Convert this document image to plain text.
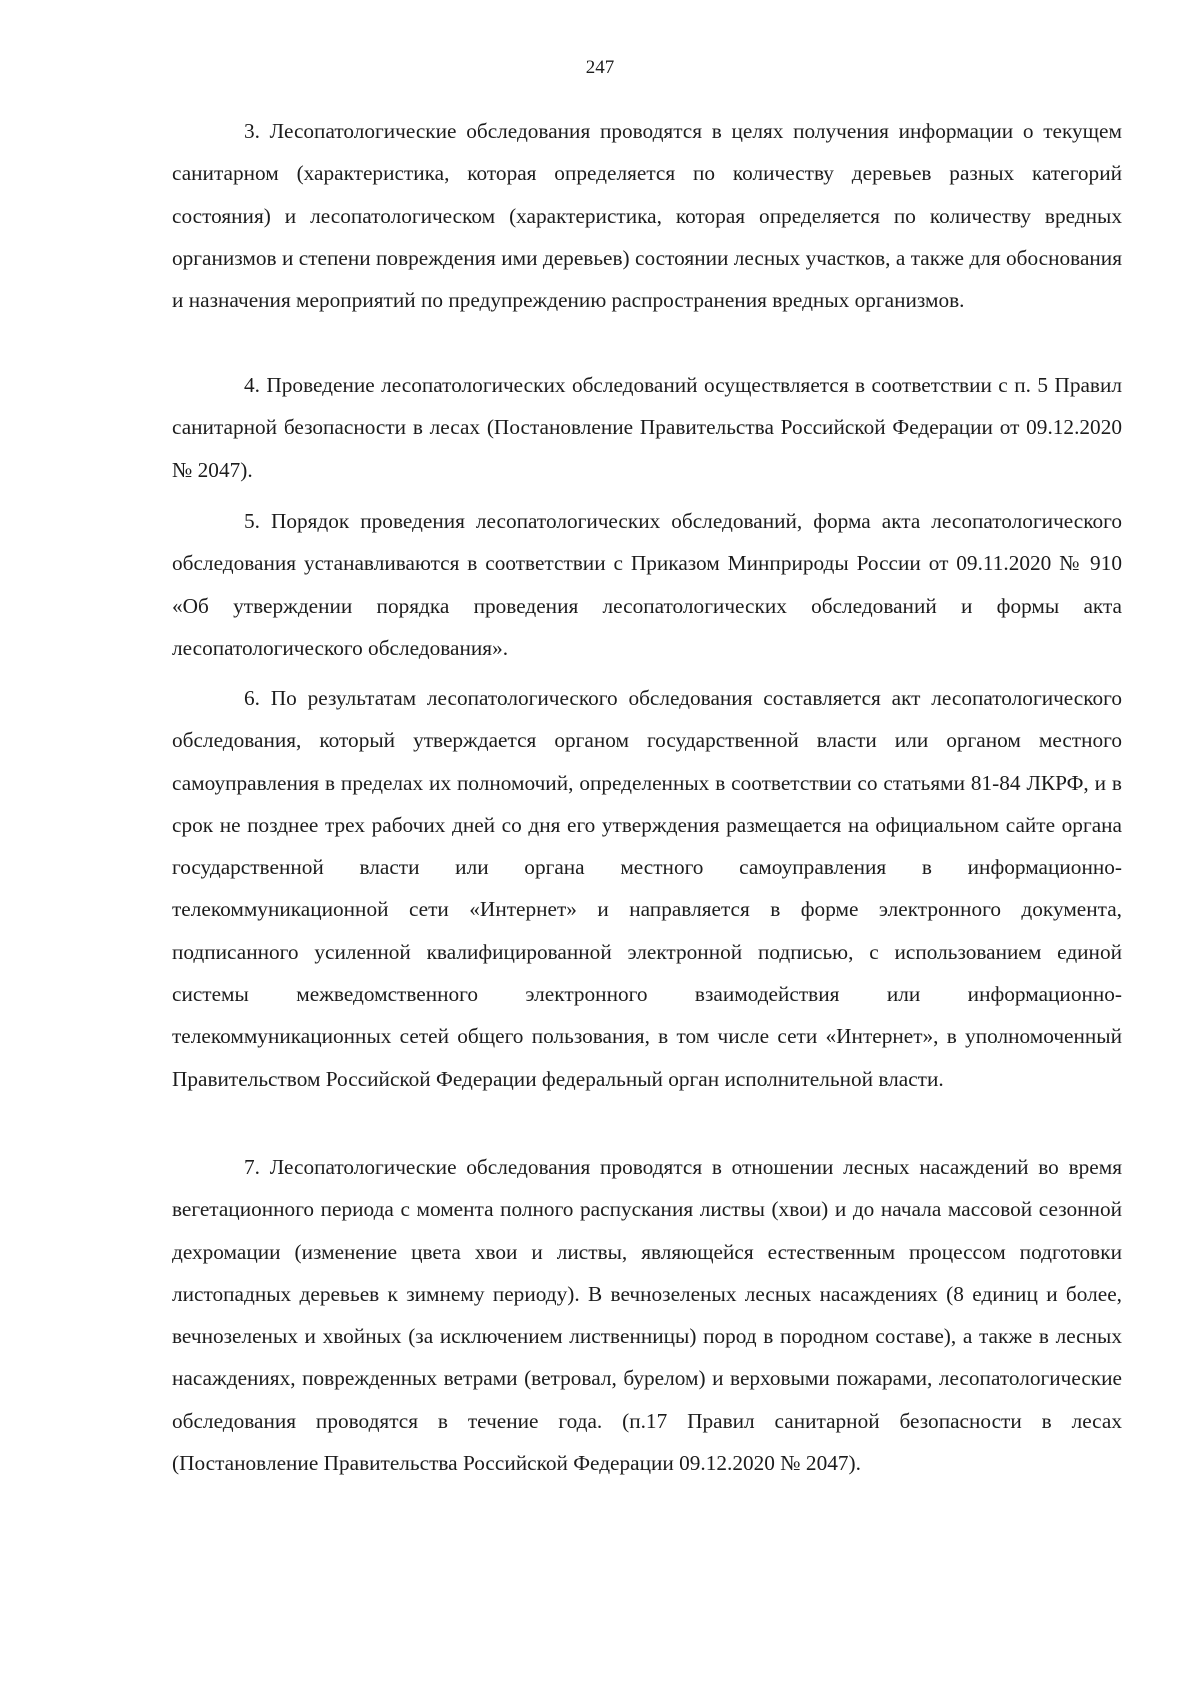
247

3. Лесопатологические обследования проводятся в целях получения информации о текущем санитарном (характеристика, которая определяется по количеству деревьев разных категорий состояния) и лесопатологическом (характеристика, которая определяется по количеству вредных организмов и степени повреждения ими деревьев) состоянии лесных участков, а также для обоснования и назначения мероприятий по предупреждению распространения вредных организмов.

4. Проведение лесопатологических обследований осуществляется в соответствии с п. 5 Правил санитарной безопасности в лесах (Постановление Правительства Российской Федерации от 09.12.2020 № 2047).

5. Порядок проведения лесопатологических обследований, форма акта лесопатологического обследования устанавливаются в соответствии с Приказом Минприроды России от 09.11.2020 № 910 «Об утверждении порядка проведения лесопатологических обследований и формы акта лесопатологического обследования».

6. По результатам лесопатологического обследования составляется акт лесопатологического обследования, который утверждается органом государственной власти или органом местного самоуправления в пределах их полномочий, определенных в соответствии со статьями 81-84 ЛКРФ, и в срок не позднее трех рабочих дней со дня его утверждения размещается на официальном сайте органа государственной власти или органа местного самоуправления в информационно-телекоммуникационной сети «Интернет» и направляется в форме электронного документа, подписанного усиленной квалифицированной электронной подписью, с использованием единой системы межведомственного электронного взаимодействия или информационно-телекоммуникационных сетей общего пользования, в том числе сети «Интернет», в уполномоченный Правительством Российской Федерации федеральный орган исполнительной власти.

7. Лесопатологические обследования проводятся в отношении лесных насаждений во время вегетационного периода с момента полного распускания листвы (хвои) и до начала массовой сезонной дехромации (изменение цвета хвои и листвы, являющейся естественным процессом подготовки листопадных деревьев к зимнему периоду). В вечнозеленых лесных насаждениях (8 единиц и более, вечнозеленых и хвойных (за исключением лиственницы) пород в породном составе), а также в лесных насаждениях, поврежденных ветрами (ветровал, бурелом) и верховыми пожарами, лесопатологические обследования проводятся в течение года. (п.17 Правил санитарной безопасности в лесах (Постановление Правительства Российской Федерации 09.12.2020 № 2047).
